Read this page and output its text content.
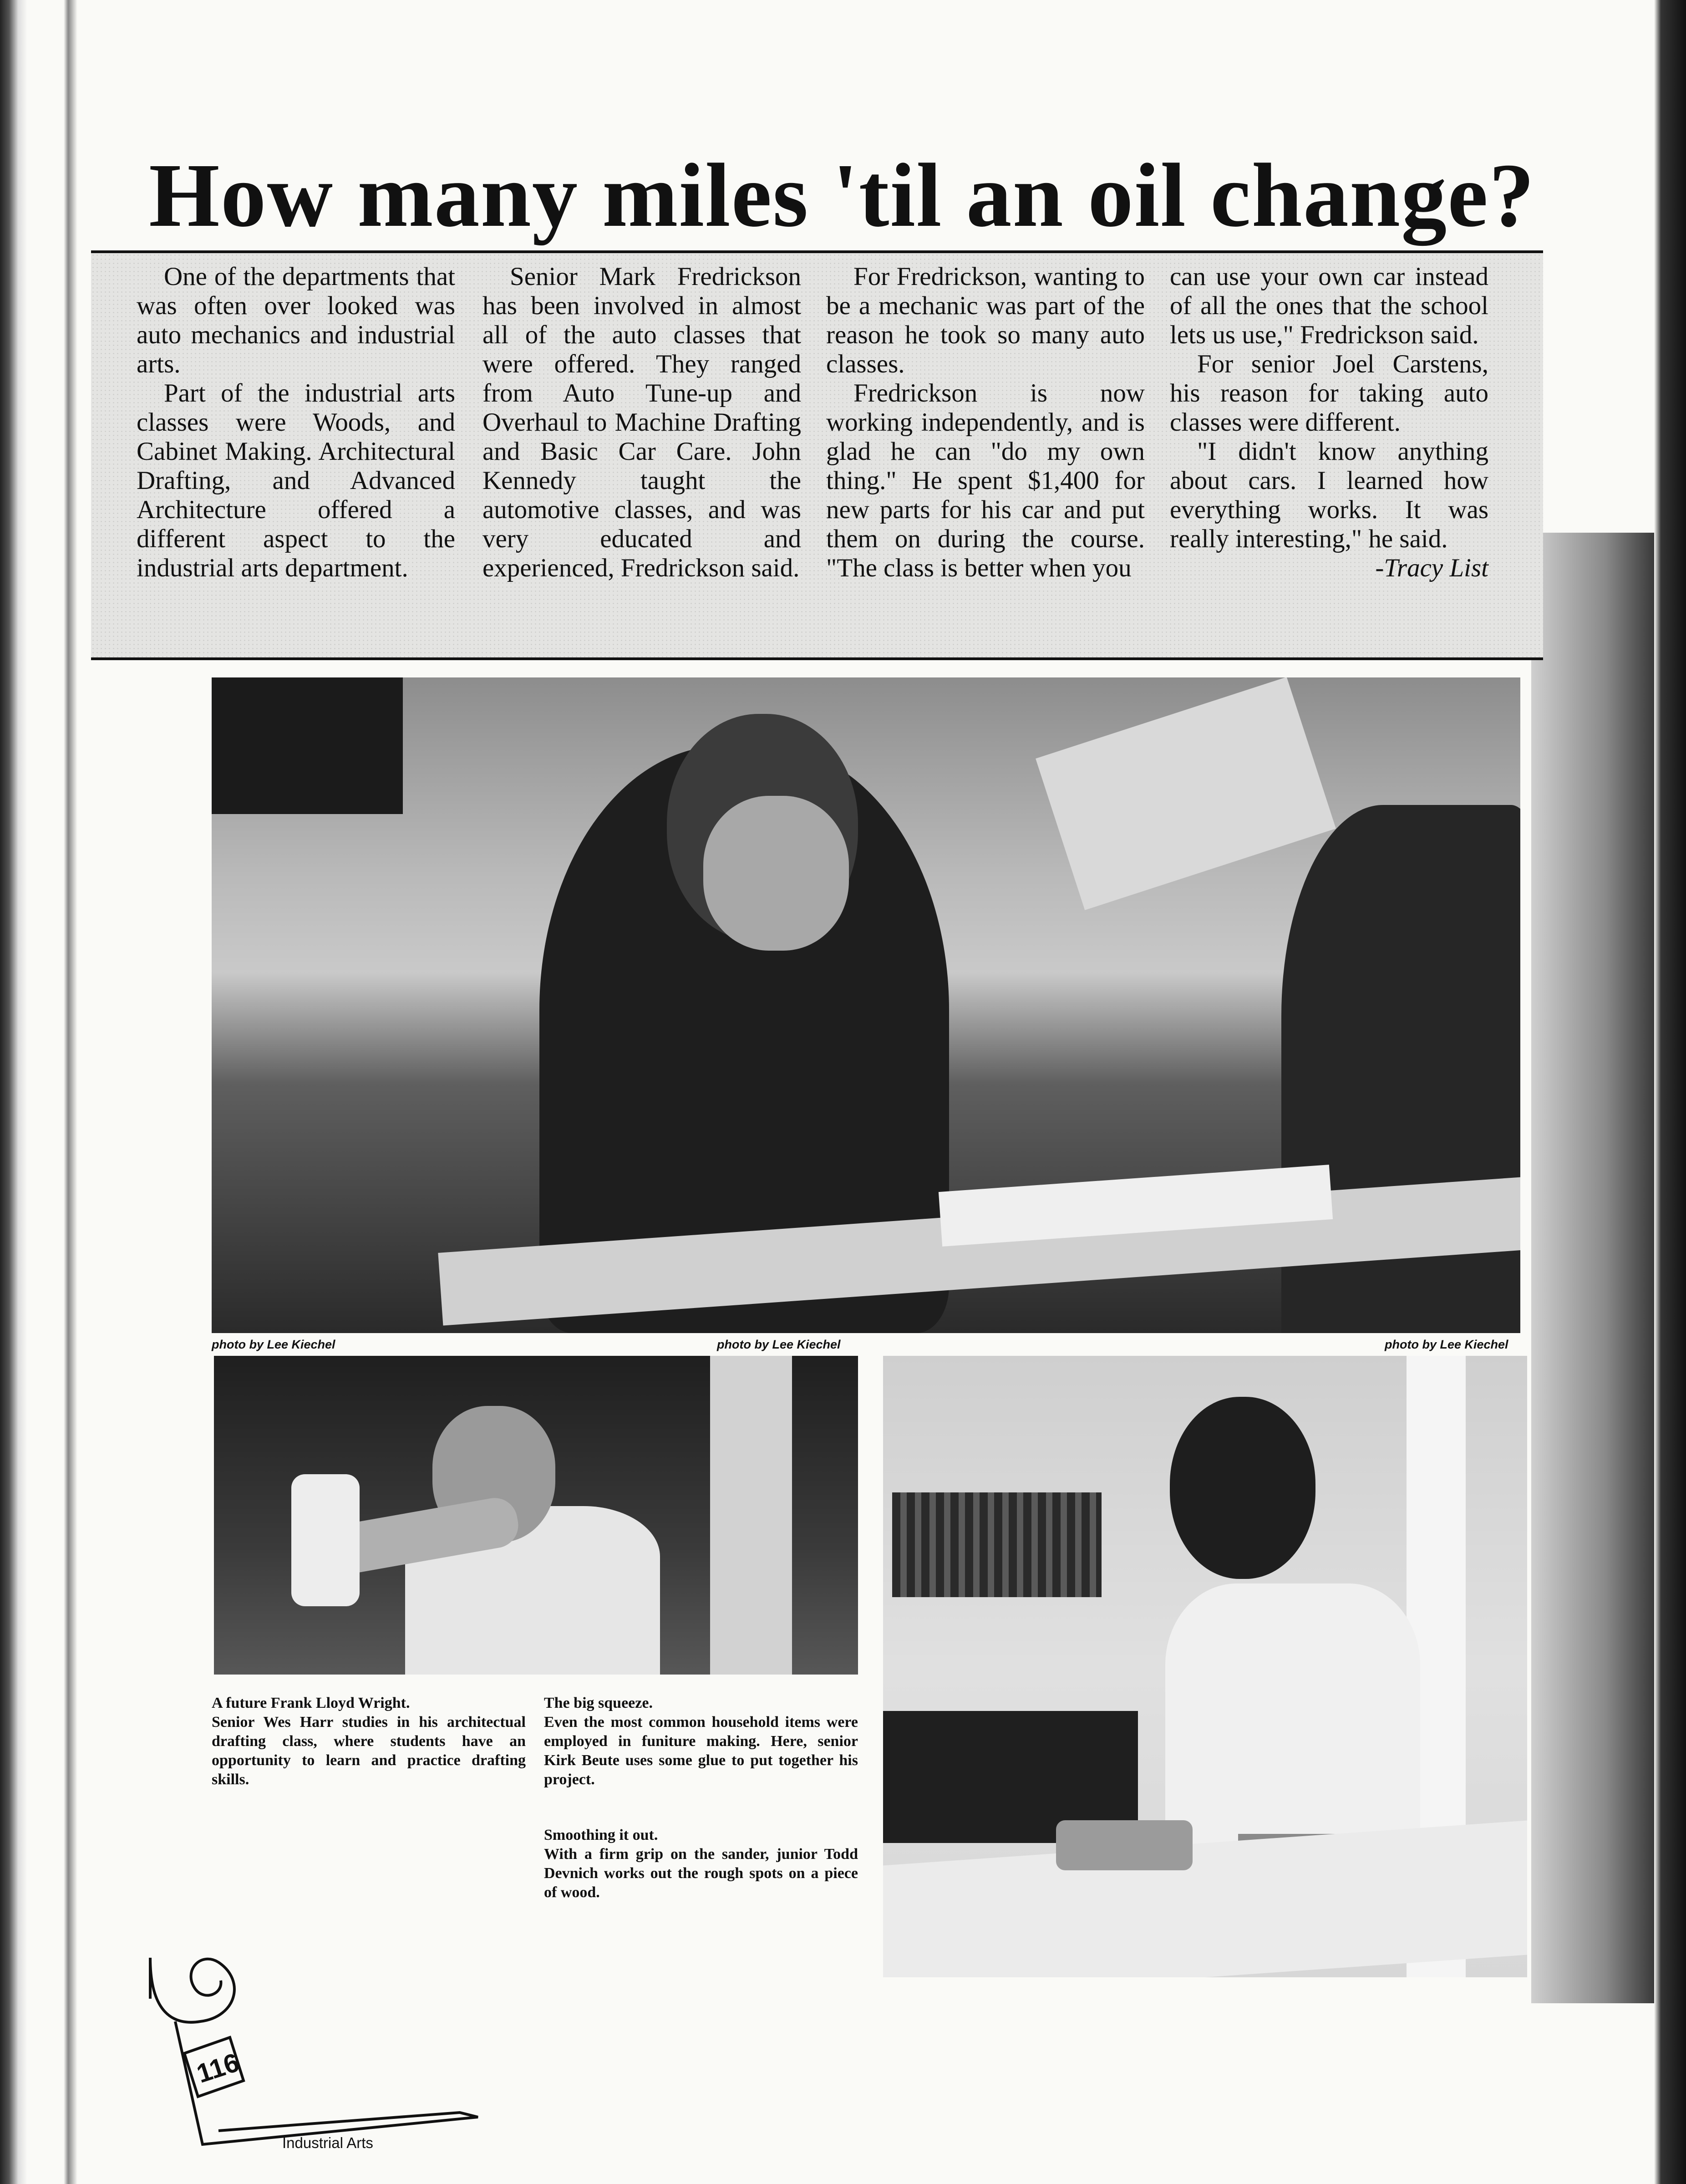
How many miles 'til an oil change?

One of the departments that was often over looked was auto mechanics and industrial arts.

Part of the industrial arts classes were Woods, and Cabinet Making. Architectural Drafting, and Advanced Architecture offered a different aspect to the industrial arts department.

Senior Mark Fredrickson has been involved in almost all of the auto classes that were offered. They ranged from Auto Tune-up and Overhaul to Machine Drafting and Basic Car Care. John Kennedy taught the automotive classes, and was very educated and experienced, Fredrickson said.

For Fredrickson, wanting to be a mechanic was part of the reason he took so many auto classes.

Fredrickson is now working independently, and is glad he can "do my own thing." He spent $1,400 for new parts for his car and put them on during the course. "The class is better when you

can use your own car instead of all the ones that the school lets us use," Fredrickson said.

For senior Joel Carstens, his reason for taking auto classes were different.

"I didn't know anything about cars. I learned how everything works. It was really interesting," he said.

-Tracy List

photo by Lee Kiechel	photo by Lee Kiechel	photo by Lee Kiechel
A future Frank Lloyd Wright.
Senior Wes Harr studies in his architectual drafting class, where students have an opportunity to learn and practice drafting skills.
The big squeeze.
Even the most common household items were employed in funiture making. Here, senior Kirk Beute uses some glue to put together his project.
Smoothing it out.
With a firm grip on the sander, junior Todd Devnich works out the rough spots on a piece of wood.
116
Industrial Arts
